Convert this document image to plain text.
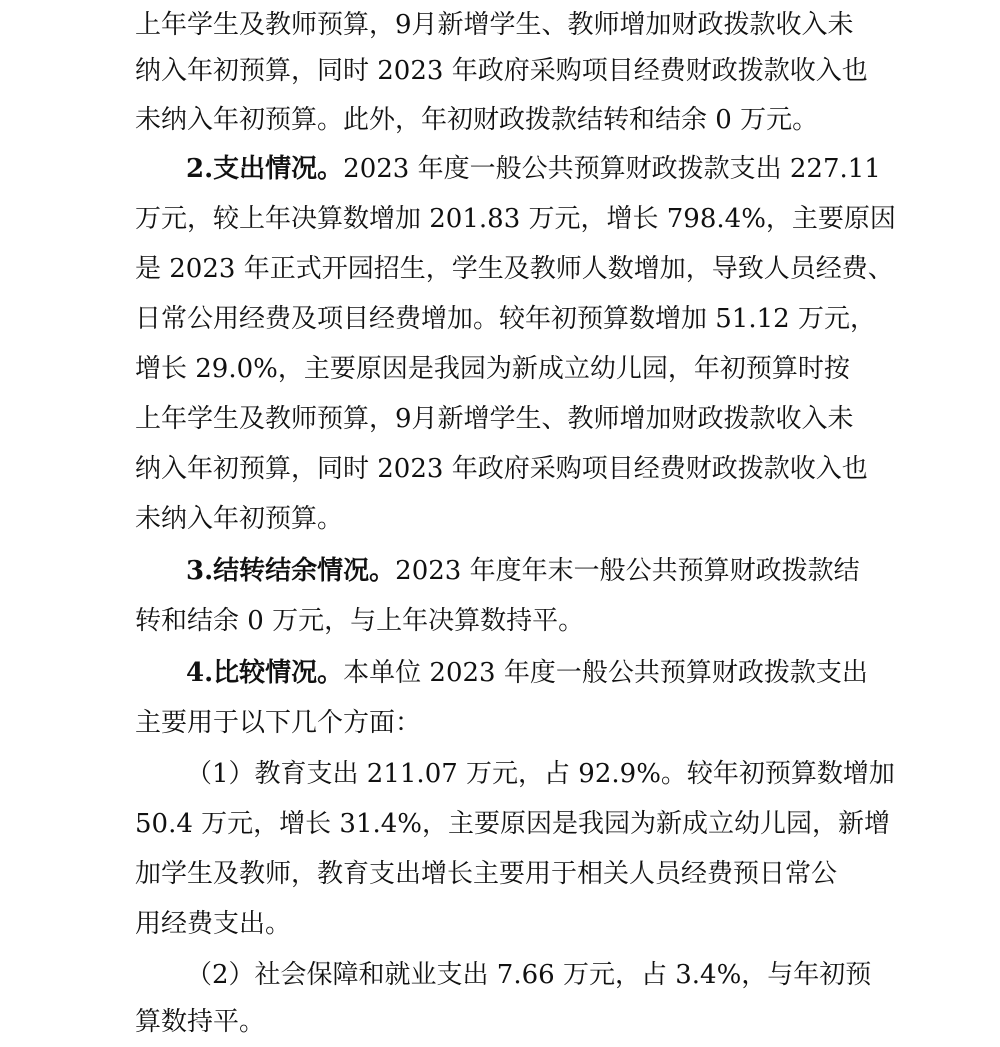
上年学生及教师预算，9月新增学生、教师增加财政拨款收入未
纳入年初预算，同时 2023 年政府采购项目经费财政拨款收入也
未纳入年初预算。此外，年初财政拨款结转和结余 0 万元。
2.支出情况。2023 年度一般公共预算财政拨款支出 227.11
万元，较上年决算数增加 201.83 万元，增长 798.4%，主要原因
是 2023 年正式开园招生，学生及教师人数增加，导致人员经费、
日常公用经费及项目经费增加。较年初预算数增加 51.12 万元，
增长 29.0%，主要原因是我园为新成立幼儿园，年初预算时按
上年学生及教师预算，9月新增学生、教师增加财政拨款收入未
纳入年初预算，同时 2023 年政府采购项目经费财政拨款收入也
未纳入年初预算。
3.结转结余情况。2023 年度年末一般公共预算财政拨款结
转和结余 0 万元，与上年决算数持平。
4.比较情况。本单位 2023 年度一般公共预算财政拨款支出
主要用于以下几个方面：
（1）教育支出 211.07 万元，占 92.9%。较年初预算数增加
50.4 万元，增长 31.4%，主要原因是我园为新成立幼儿园，新增
加学生及教师，教育支出增长主要用于相关人员经费预日常公
用经费支出。
（2）社会保障和就业支出 7.66 万元，占 3.4%，与年初预
算数持平。
